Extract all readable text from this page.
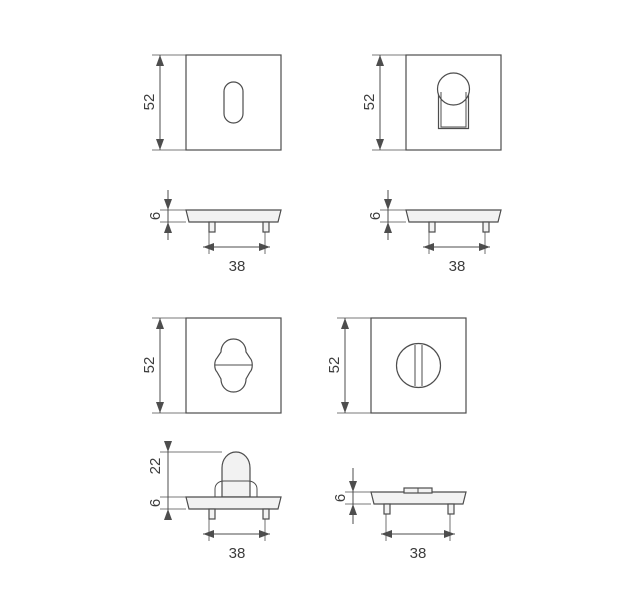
52	52
6
38
6
38
52	52
22
6
38
6
38
